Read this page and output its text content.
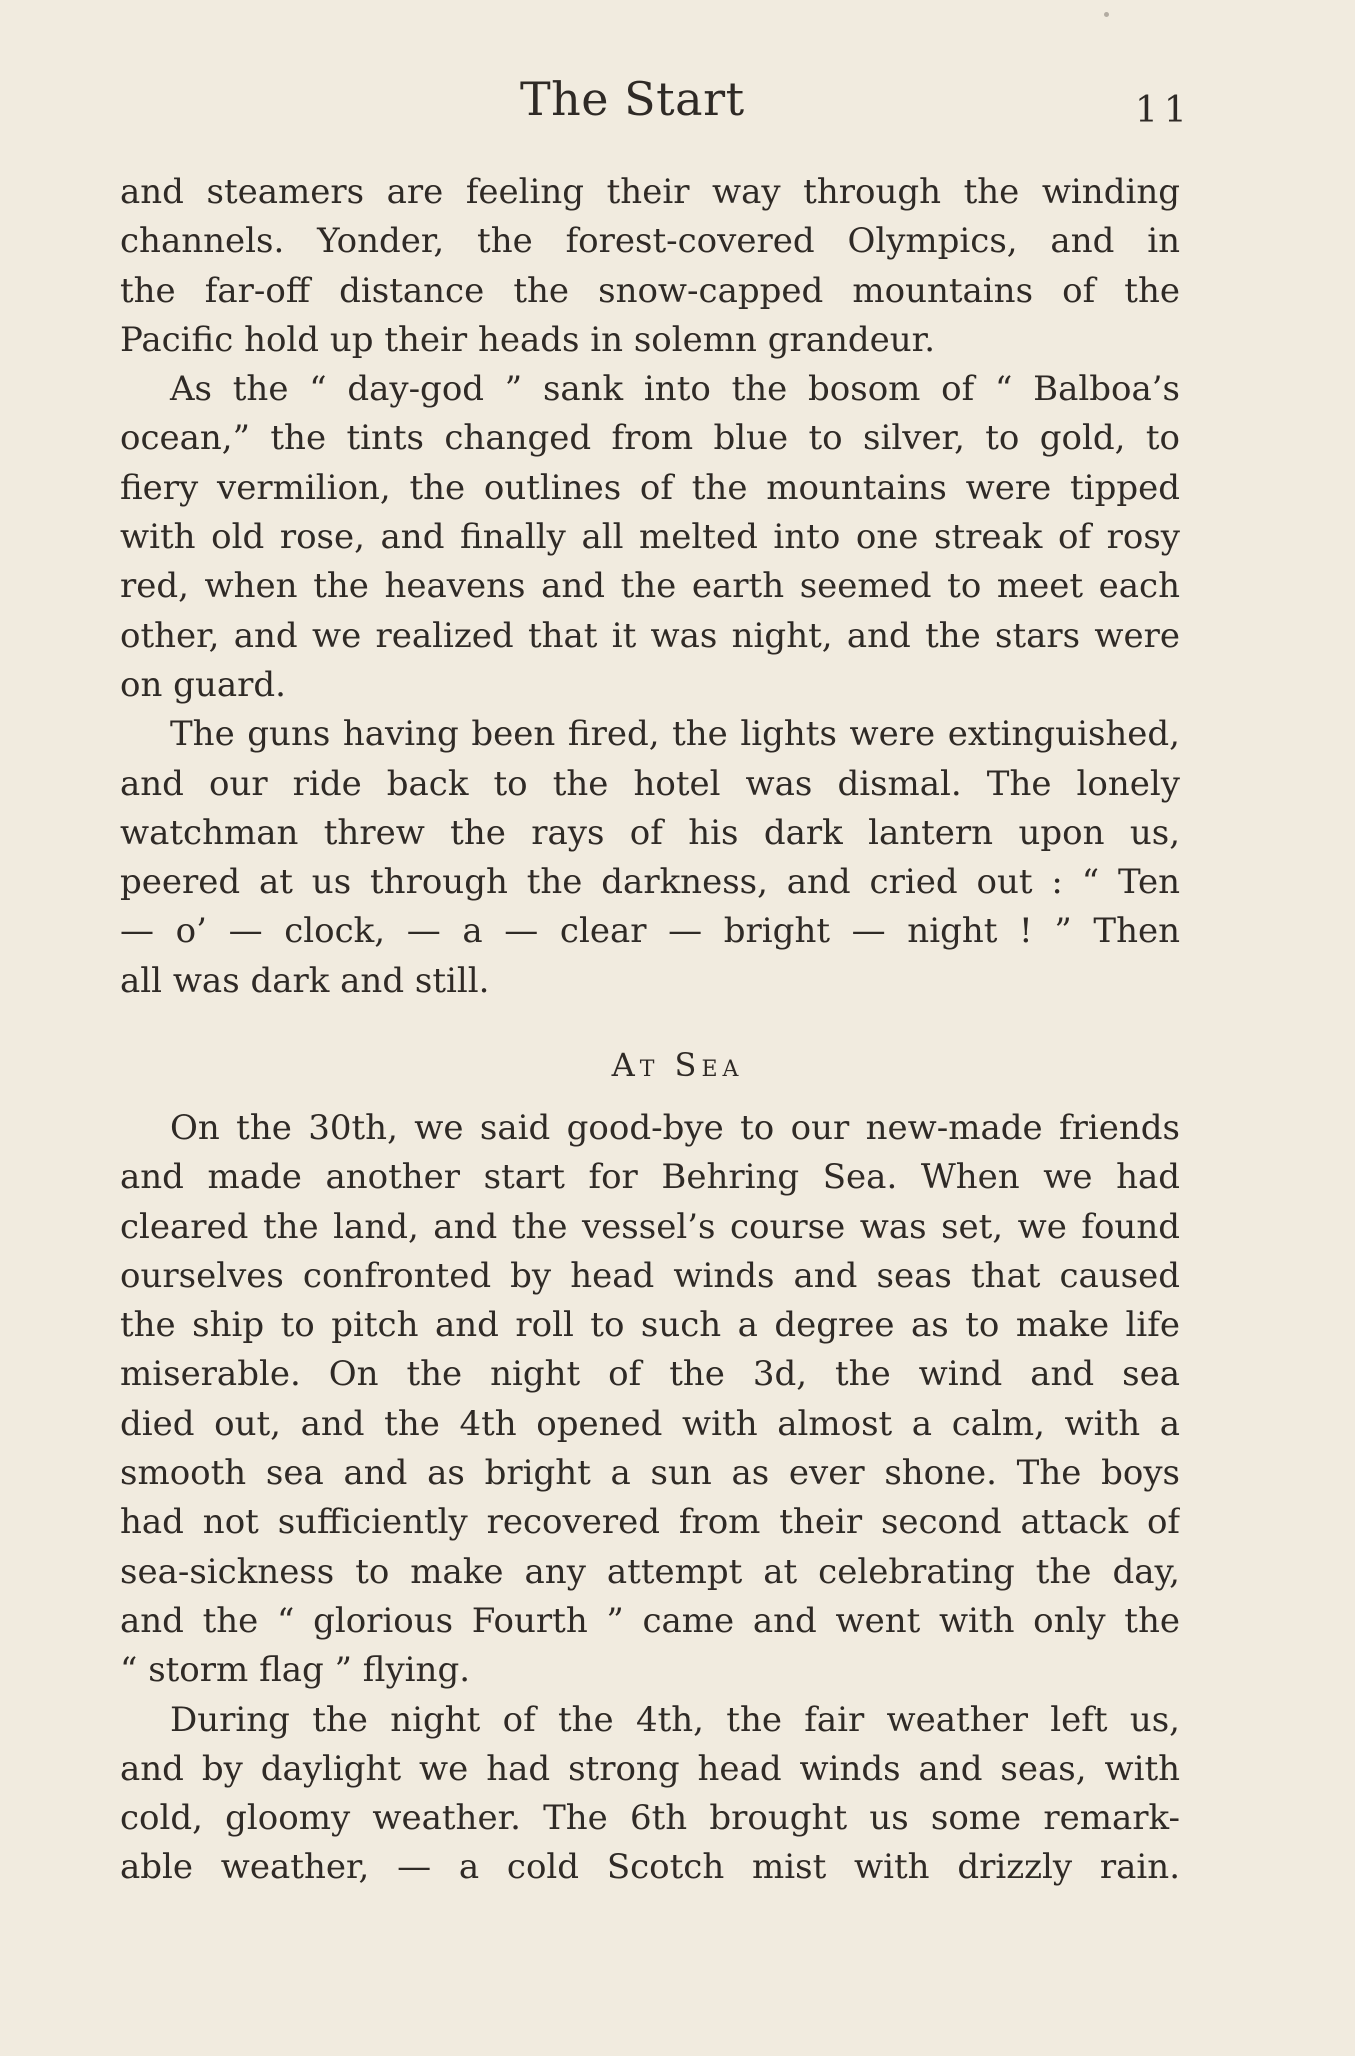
The Start	11
and steamers are feeling their way through the winding
channels. Yonder, the forest-covered Olympics, and in
the far-off distance the snow-capped mountains of the
Pacific hold up their heads in solemn grandeur.
As the “ day-god ” sank into the bosom of “ Balboa’s
ocean,” the tints changed from blue to silver, to gold, to
fiery vermilion, the outlines of the mountains were tipped
with old rose, and finally all melted into one streak of rosy
red, when the heavens and the earth seemed to meet each
other, and we realized that it was night, and the stars were
on guard.
The guns having been fired, the lights were extinguished,
and our ride back to the hotel was dismal. The lonely
watchman threw the rays of his dark lantern upon us,
peered at us through the darkness, and cried out : “ Ten
— o’ — clock, — a — clear — bright — night ! ” Then
all was dark and still.
At Sea
On the 30th, we said good-bye to our new-made friends
and made another start for Behring Sea. When we had
cleared the land, and the vessel’s course was set, we found
ourselves confronted by head winds and seas that caused
the ship to pitch and roll to such a degree as to make life
miserable. On the night of the 3d, the wind and sea
died out, and the 4th opened with almost a calm, with a
smooth sea and as bright a sun as ever shone. The boys
had not sufficiently recovered from their second attack of
sea-sickness to make any attempt at celebrating the day,
and the “ glorious Fourth ” came and went with only the
“ storm flag ” flying.
During the night of the 4th, the fair weather left us,
and by daylight we had strong head winds and seas, with
cold, gloomy weather. The 6th brought us some remark-
able weather, — a cold Scotch mist with drizzly rain.
